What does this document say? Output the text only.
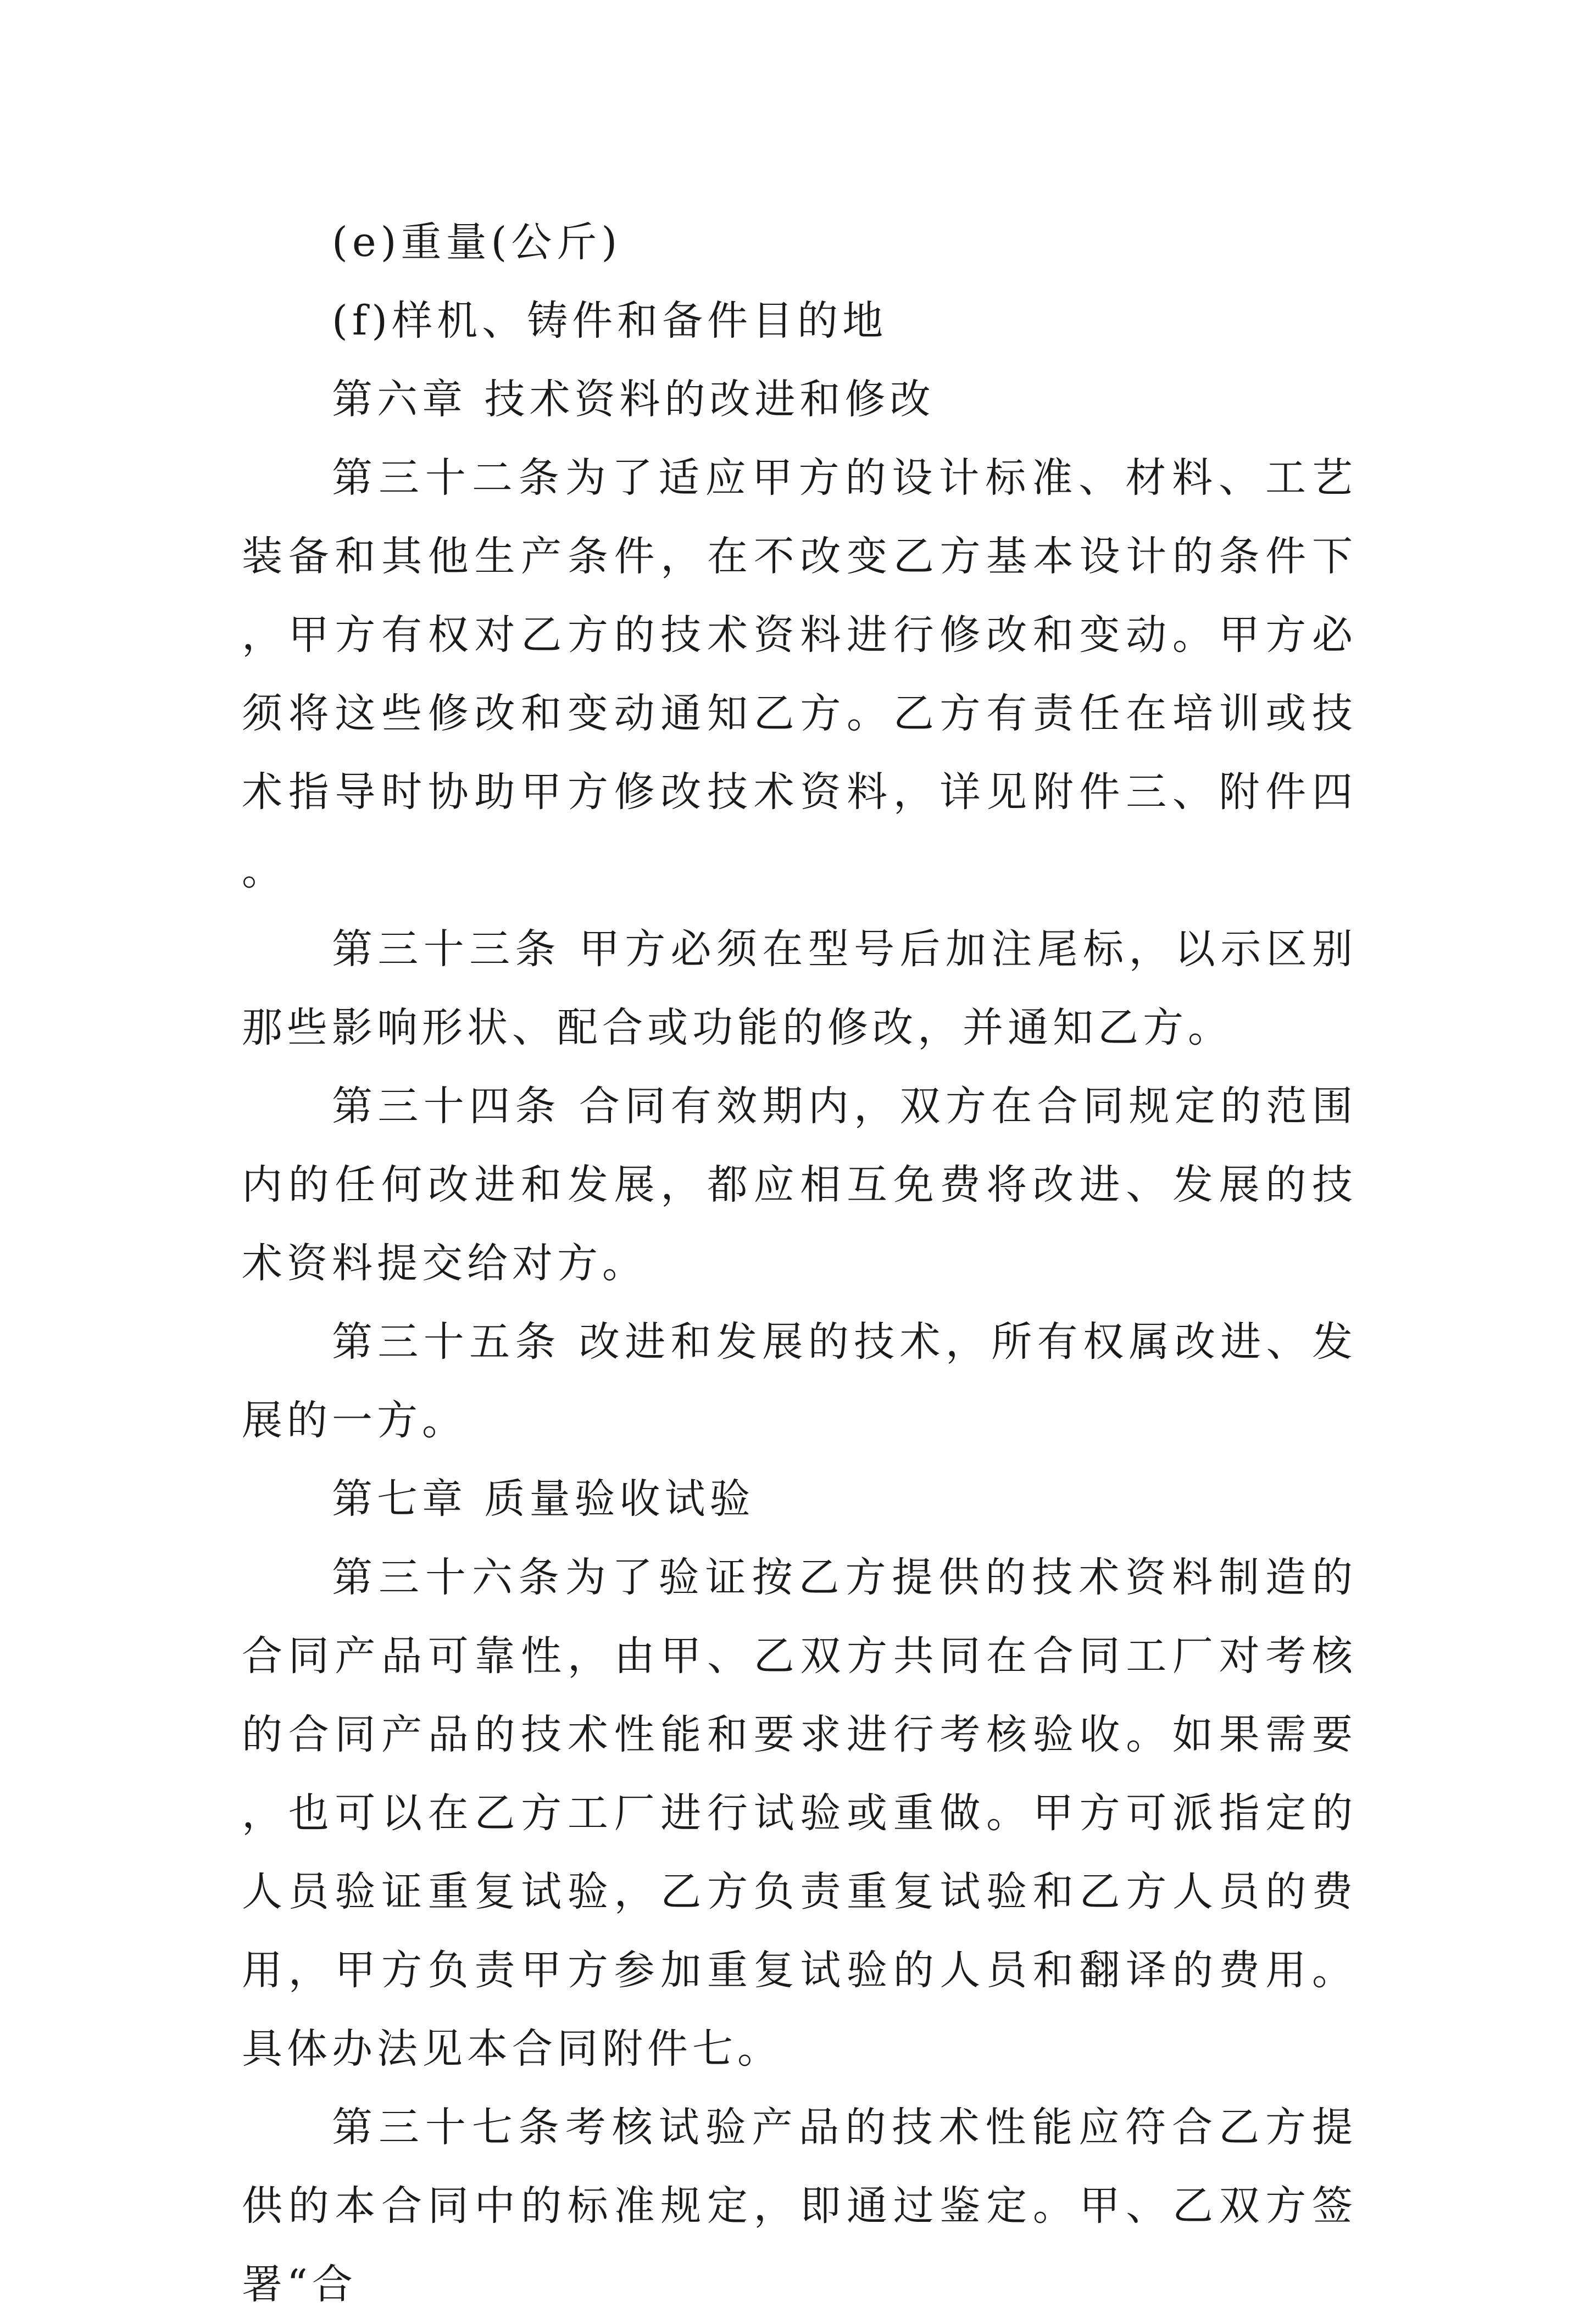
(e)重量(公斤)

(f)样机、铸件和备件目的地

第六章 技术资料的改进和修改

第三十二条为了适应甲方的设计标准、材料、工艺装备和其他生产条件，在不改变乙方基本设计的条件下，甲方有权对乙方的技术资料进行修改和变动。甲方必须将这些修改和变动通知乙方。乙方有责任在培训或技术指导时协助甲方修改技术资料，详见附件三、附件四。

第三十三条 甲方必须在型号后加注尾标，以示区别那些影响形状、配合或功能的修改，并通知乙方。

第三十四条 合同有效期内，双方在合同规定的范围内的任何改进和发展，都应相互免费将改进、发展的技术资料提交给对方。

第三十五条 改进和发展的技术，所有权属改进、发展的一方。

第七章 质量验收试验

第三十六条为了验证按乙方提供的技术资料制造的合同产品可靠性，由甲、乙双方共同在合同工厂对考核的合同产品的技术性能和要求进行考核验收。如果需要，也可以在乙方工厂进行试验或重做。甲方可派指定的人员验证重复试验，乙方负责重复试验和乙方人员的费用，甲方负责甲方参加重复试验的人员和翻译的费用。具体办法见本合同附件七。

第三十七条考核试验产品的技术性能应符合乙方提供的本合同中的标准规定，即通过鉴定。甲、乙双方签署“合
